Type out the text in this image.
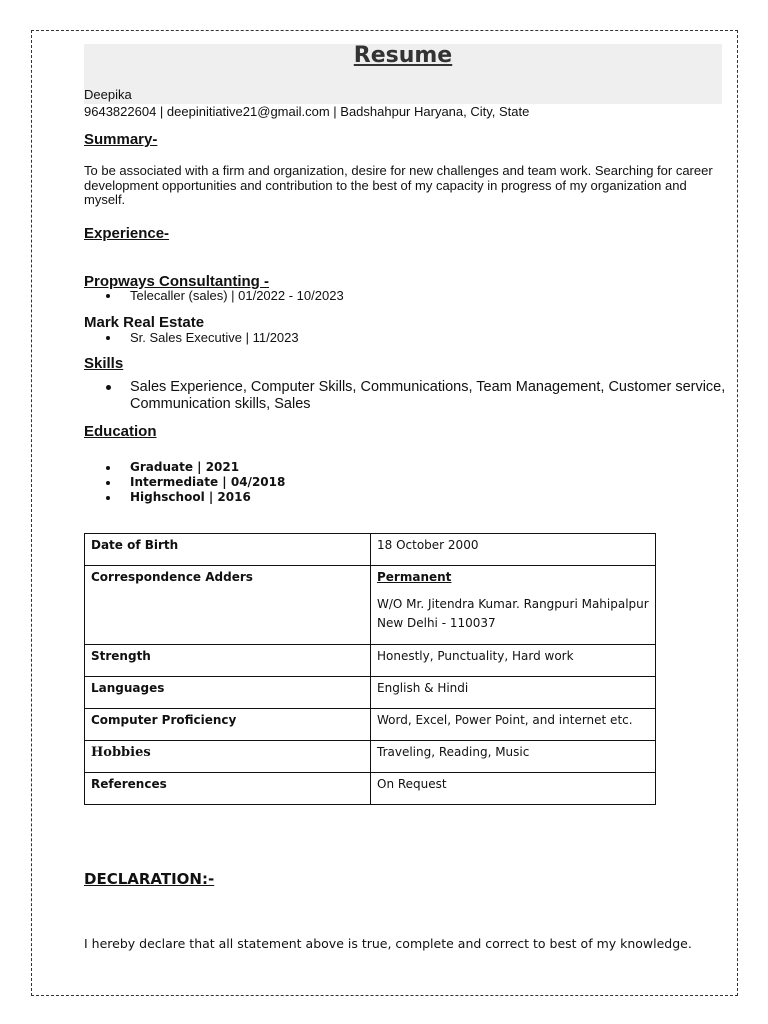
Resume
Deepika
9643822604 | deepinitiative21@gmail.com | Badshahpur Haryana, City, State
Summary-
To be associated with a firm and organization, desire for new challenges and team work. Searching for career development opportunities and contribution to the best of my capacity in progress of my organization and myself.
Experience-
Propways Consultanting -
Telecaller (sales) | 01/2022 - 10/2023
Mark Real Estate
Sr. Sales Executive | 11/2023
Skills
Sales Experience, Computer Skills, Communications, Team Management, Customer service, Communication skills, Sales
Education
Graduate | 2021
Intermediate | 04/2018
Highschool | 2016
Date of Birth	18 October 2000
Correspondence Adders	Permanent
W/O Mr. Jitendra Kumar. Rangpuri Mahipalpur New Delhi - 110037
Strength	Honestly, Punctuality, Hard work
Languages	English & Hindi
Computer Proficiency	Word, Excel, Power Point, and internet etc.
Hobbies	Traveling, Reading, Music
References	On Request
DECLARATION:-
I hereby declare that all statement above is true, complete and correct to best of my knowledge.
